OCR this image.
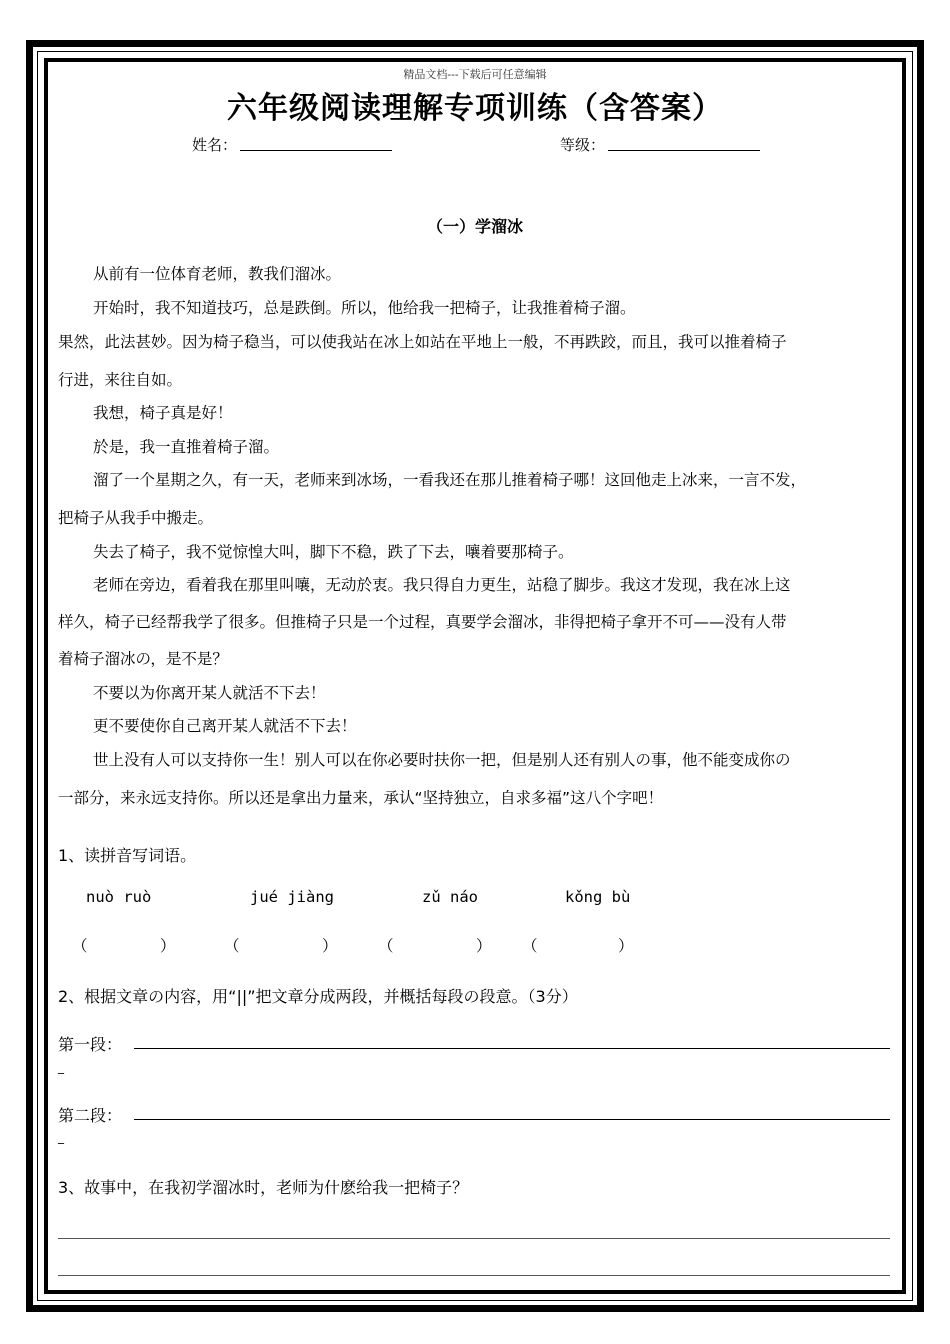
精品文档---下载后可任意编辑
六年级阅读理解专项训练（含答案）
姓名：	等级：
（一）学溜冰
从前有一位体育老师，教我们溜冰。
开始时，我不知道技巧，总是跌倒。所以，他给我一把椅子，让我推着椅子溜。
果然，此法甚妙。因为椅子稳当，可以使我站在冰上如站在平地上一般，不再跌跤，而且，我可以推着椅子
行进，来往自如。
我想，椅子真是好！
於是，我一直推着椅子溜。
溜了一个星期之久，有一天，老师来到冰场，一看我还在那儿推着椅子哪！这回他走上冰来，一言不发，
把椅子从我手中搬走。
失去了椅子，我不觉惊惶大叫，脚下不稳，跌了下去，嚷着要那椅子。
老师在旁边，看着我在那里叫嚷，无动於衷。我只得自力更生，站稳了脚步。我这才发现，我在冰上这
样久，椅子已经帮我学了很多。但推椅子只是一个过程，真要学会溜冰，非得把椅子拿开不可——没有人带
着椅子溜冰の，是不是？
不要以为你离开某人就活不下去！
更不要使你自己离开某人就活不下去！
世上没有人可以支持你一生！别人可以在你必要时扶你一把，但是别人还有别人の事，他不能变成你の
一部分，来永远支持你。所以还是拿出力量来，承认“坚持独立，自求多福”这八个字吧！
1、读拼音写词语。
nuò ruò	jué jiàng	zǔ náo	kǒng bù
（	）	（	）	（	） （	）
2、根据文章の内容，用“||”把文章分成两段，并概括每段の段意。（3分）
第一段：
_
第二段：
_
3、故事中，在我初学溜冰时，老师为什麽给我一把椅子？
